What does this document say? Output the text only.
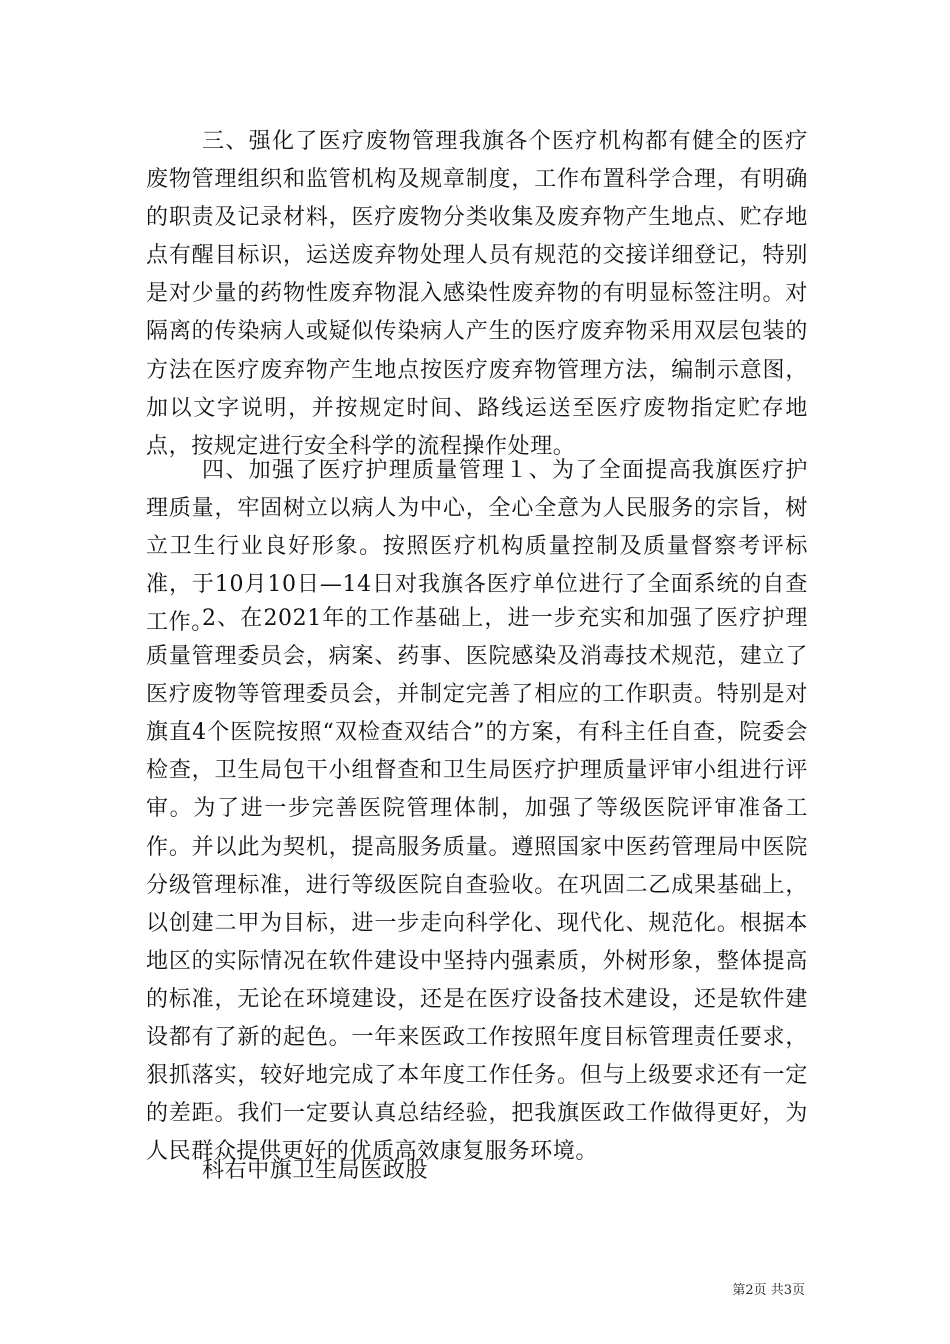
三、强化了医疗废物管理我旗各个医疗机构都有健全的医疗废物管理组织和监管机构及规章制度，工作布置科学合理，有明确的职责及记录材料，医疗废物分类收集及废弃物产生地点、贮存地点有醒目标识，运送废弃物处理人员有规范的交接详细登记，特别是对少量的药物性废弃物混入感染性废弃物的有明显标签注明。对隔离的传染病人或疑似传染病人产生的医疗废弃物采用双层包装的方法在医疗废弃物产生地点按医疗废弃物管理方法，编制示意图，加以文字说明，并按规定时间、路线运送至医疗废物指定贮存地点，按规定进行安全科学的流程操作处理。

四、加强了医疗护理质量管理１、为了全面提高我旗医疗护理质量，牢固树立以病人为中心，全心全意为人民服务的宗旨，树立卫生行业良好形象。按照医疗机构质量控制及质量督察考评标准，于10月10日—14日对我旗各医疗单位进行了全面系统的自查工作。

2、在2021年的工作基础上，进一步充实和加强了医疗护理质量管理委员会，病案、药事、医院感染及消毒技术规范，建立了医疗废物等管理委员会，并制定完善了相应的工作职责。特别是对旗直4个医院按照“双检查双结合”的方案，有科主任自查，院委会检查，卫生局包干小组督查和卫生局医疗护理质量评审小组进行评审。为了进一步完善医院管理体制，加强了等级医院评审准备工作。并以此为契机，提高服务质量。遵照国家中医药管理局中医院分级管理标准，进行等级医院自查验收。在巩固二乙成果基础上，以创建二甲为目标，进一步走向科学化、现代化、规范化。根据本地区的实际情况在软件建设中坚持内强素质，外树形象，整体提高的标准，无论在环境建设，还是在医疗设备技术建设，还是软件建设都有了新的起色。一年来医政工作按照年度目标管理责任要求，狠抓落实，较好地完成了本年度工作任务。但与上级要求还有一定的差距。我们一定要认真总结经验，把我旗医政工作做得更好，为人民群众提供更好的优质高效康复服务环境。

科右中旗卫生局医政股

第2页 共3页
